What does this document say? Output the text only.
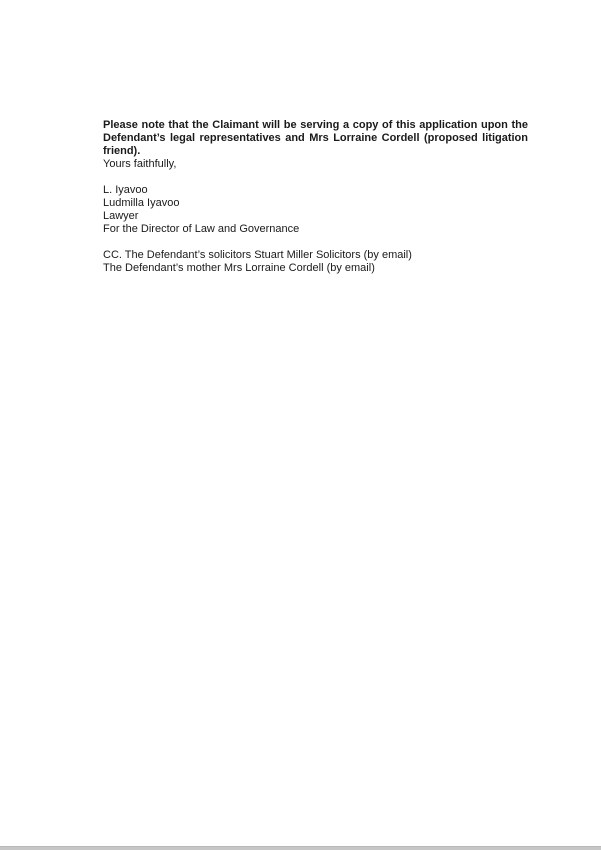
Please note that the Claimant will be serving a copy of this application upon the Defendant’s legal representatives and Mrs Lorraine Cordell (proposed litigation friend).

Yours faithfully,

L. Iyavoo
Ludmilla Iyavoo
Lawyer
For the Director of Law and Governance
CC. The Defendant’s solicitors Stuart Miller Solicitors (by email)
The Defendant’s mother Mrs Lorraine Cordell (by email)
